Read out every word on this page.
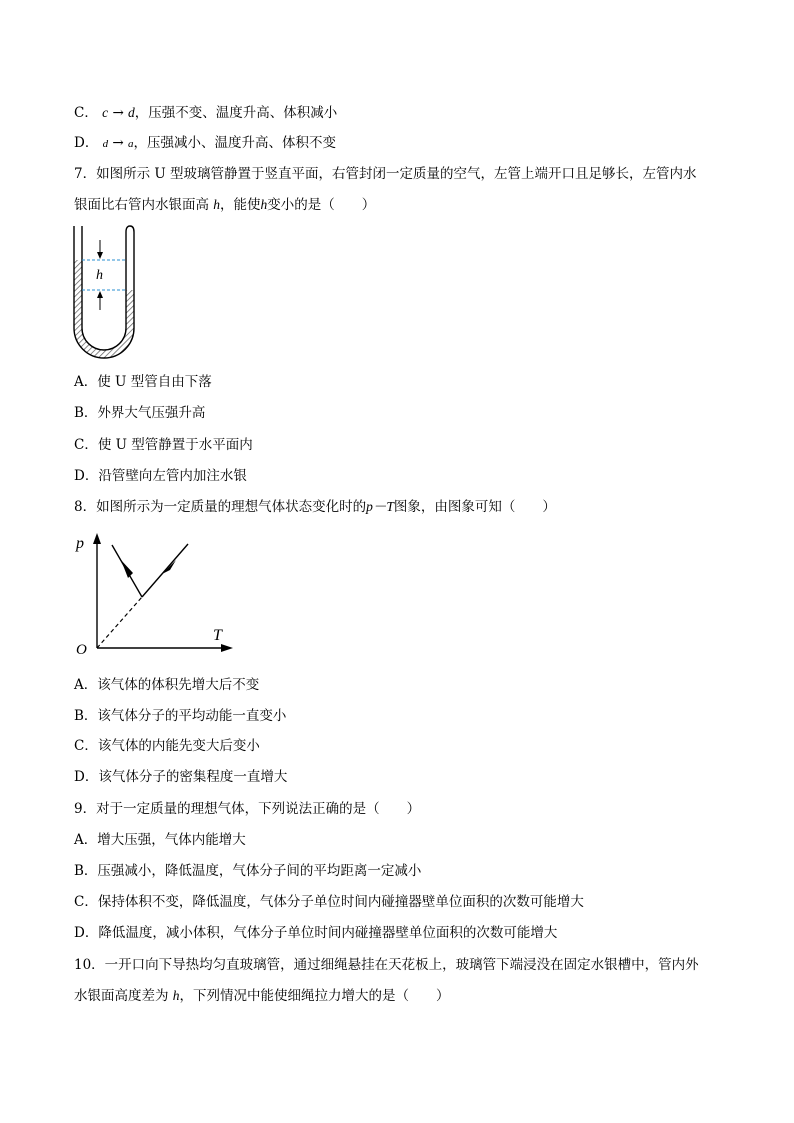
C． c → d，压强不变、温度升高、体积减小
D． d → a，压强减小、温度升高、体积不变
7．如图所示 U 型玻璃管静置于竖直平面，右管封闭一定质量的空气，左管上端开口且足够长，左管内水
银面比右管内水银面高 h，能使h变小的是（　　）
h
A．使 U 型管自由下落
B．外界大气压强升高
C．使 U 型管静置于水平面内
D．沿管壁向左管内加注水银
8．如图所示为一定质量的理想气体状态变化时的p－T图象，由图象可知（　　）
p
T
O
A．该气体的体积先增大后不变
B．该气体分子的平均动能一直变小
C．该气体的内能先变大后变小
D．该气体分子的密集程度一直增大
9．对于一定质量的理想气体，下列说法正确的是（　　）
A．增大压强，气体内能增大
B．压强减小，降低温度，气体分子间的平均距离一定减小
C．保持体积不变，降低温度，气体分子单位时间内碰撞器壁单位面积的次数可能增大
D．降低温度，减小体积，气体分子单位时间内碰撞器壁单位面积的次数可能增大
10．一开口向下导热均匀直玻璃管，通过细绳悬挂在天花板上，玻璃管下端浸没在固定水银槽中，管内外
水银面高度差为 h，下列情况中能使细绳拉力增大的是（　　）
